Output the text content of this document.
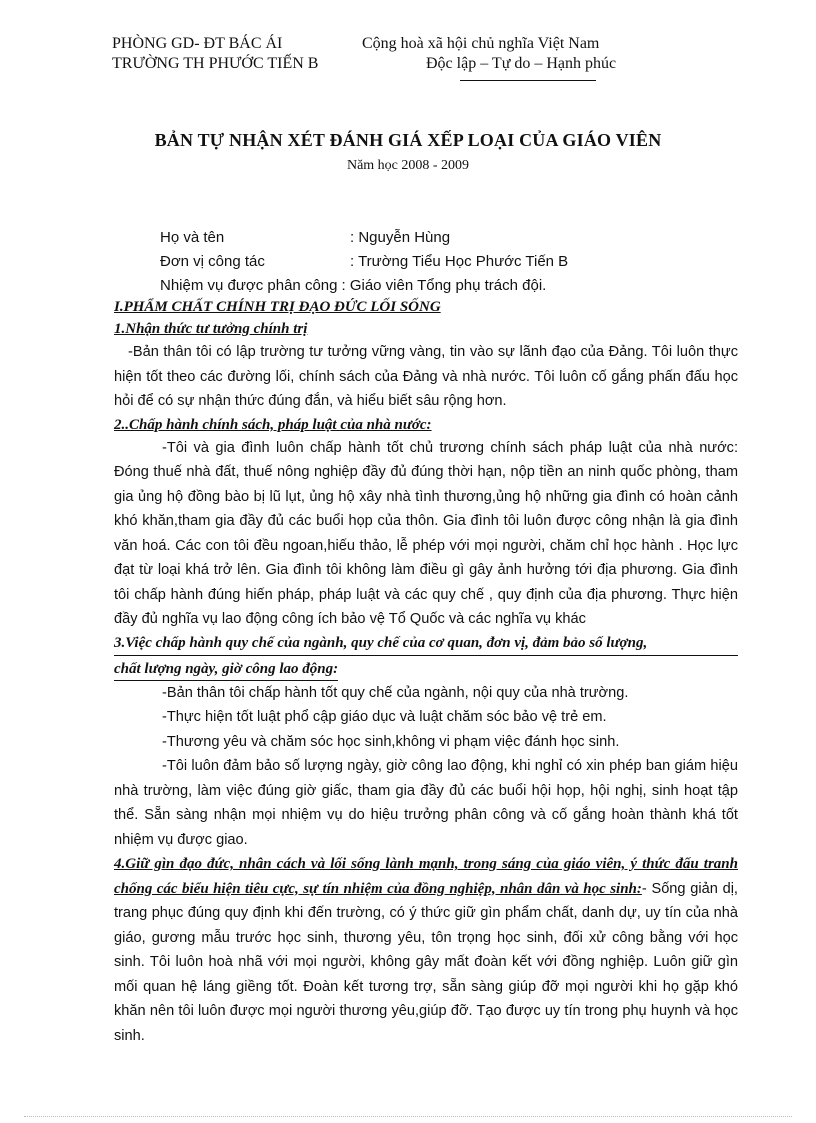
PHÒNG GD- ĐT BÁC ÁI
TRƯỜNG TH PHƯỚC TIẾN B
Cộng hoà xã hội chủ nghĩa Việt Nam
Độc lập – Tự do – Hạnh phúc
BẢN TỰ NHẬN XÉT ĐÁNH GIÁ XẾP LOẠI CỦA GIÁO VIÊN
Năm học 2008 - 2009
Họ và tên	: Nguyễn Hùng
Đơn vị công tác	: Trường Tiểu Học Phước Tiến B
Nhiệm vụ được phân công : Giáo viên Tổng phụ trách đội.
I.PHẨM CHẤT CHÍNH TRỊ ĐẠO ĐỨC LỐI SỐNG
1.Nhận thức tư tưởng chính trị
-Bản thân tôi có lập trường tư tưởng vững vàng, tin vào sự lãnh đạo của Đảng. Tôi luôn thực hiện tốt theo các đường lối, chính sách của Đảng và nhà nước. Tôi luôn cố gắng phấn đấu học hỏi để có sự nhận thức đúng đắn, và hiểu biết sâu rộng hơn.
2..Chấp hành chính sách, pháp luật của nhà nước:
-Tôi và gia đình luôn chấp hành tốt chủ trương chính sách pháp luật của nhà nước: Đóng thuế nhà đất, thuế nông nghiệp đầy đủ đúng thời hạn, nộp tiền an ninh quốc phòng, tham gia ủng hộ đồng bào bị lũ lụt, ủng hộ xây nhà tình thương,ủng hộ những gia đình có hoàn cảnh khó khăn,tham gia đầy đủ các buổi họp của thôn. Gia đình tôi luôn được công nhận là gia đình văn hoá. Các con tôi đều ngoan,hiếu thảo, lễ phép với mọi người, chăm chỉ học hành . Học lực đạt từ loại khá trở lên. Gia đình tôi không làm điều gì gây ảnh hưởng tới địa phương. Gia đình tôi chấp hành đúng hiến pháp, pháp luật và các quy chế , quy định của địa phương. Thực hiện đầy đủ nghĩa vụ lao động công ích bảo vệ Tổ Quốc và các nghĩa vụ khác
3.Việc chấp hành quy chế của ngành, quy chế của cơ quan, đơn vị, đảm bảo số lượng,
chất lượng ngày, giờ công lao động:
-Bản thân tôi chấp hành tốt quy chế của ngành, nội quy của nhà trường.
-Thực hiện tốt luật phổ cập giáo dục và luật chăm sóc bảo vệ trẻ em.
-Thương yêu và chăm sóc học sinh,không vi phạm việc đánh học sinh.
-Tôi luôn đảm bảo số lượng ngày, giờ công lao động, khi nghỉ có xin phép ban giám hiệu nhà trường, làm việc đúng giờ giấc, tham gia đầy đủ các buổi hội họp, hội nghị, sinh hoạt tập thể. Sẵn sàng nhận mọi nhiệm vụ do hiệu trưởng phân công và cố gắng hoàn thành khá tốt nhiệm vụ được giao.
4.Giữ gìn đạo đức, nhân cách và lối sống lành mạnh, trong sáng của giáo viên, ý thức đấu tranh chống các biểu hiện tiêu cực, sự tín nhiệm của đồng nghiệp, nhân dân và học sinh:- Sống giản dị, trang phục đúng quy định khi đến trường, có ý thức giữ gìn phẩm chất, danh dự, uy tín của nhà giáo, gương mẫu trước học sinh, thương yêu, tôn trọng học sinh, đối xử công bằng với học sinh. Tôi luôn hoà nhã với mọi người, không gây mất đoàn kết với đồng nghiệp. Luôn giữ gìn mối quan hệ láng giềng tốt. Đoàn kết tương trợ, sẵn sàng giúp đỡ mọi người khi họ gặp khó khăn nên tôi luôn được mọi người thương yêu,giúp đỡ. Tạo được uy tín trong phụ huynh và học sinh.
